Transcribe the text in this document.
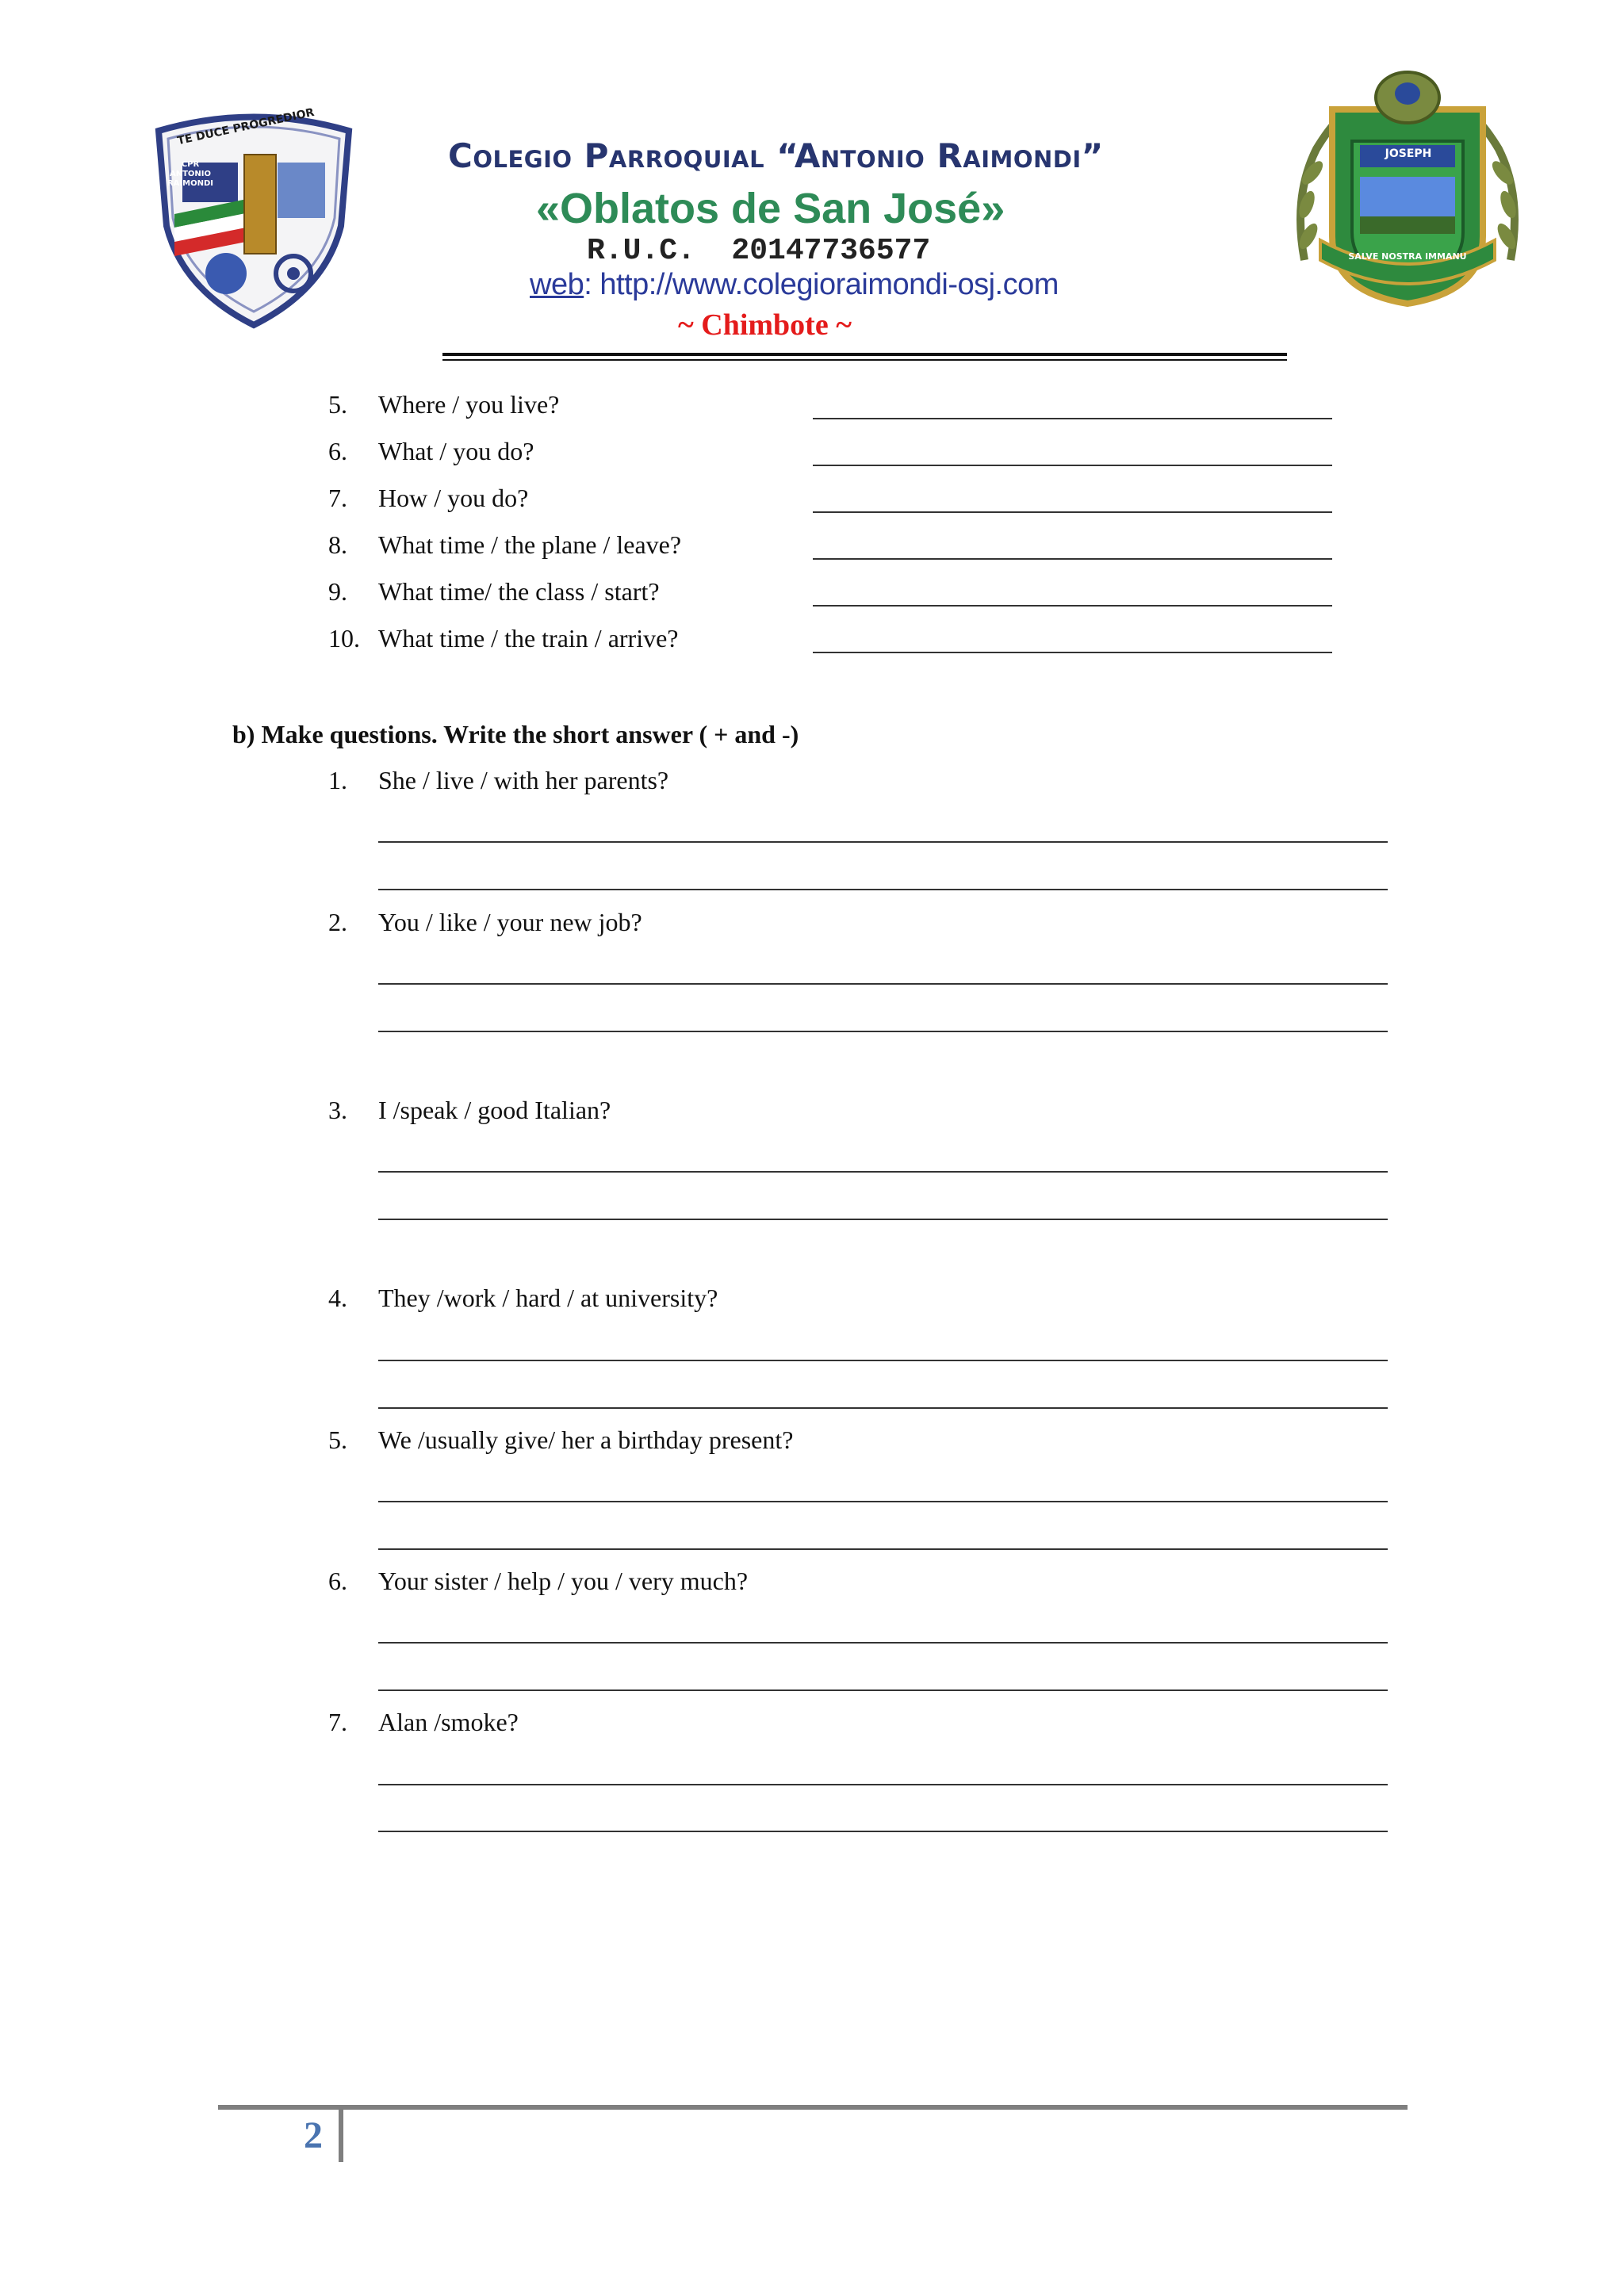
TE DUCE PROGREDIOR
CPR ANTONIO RAIMONDI
Colegio Parroquial “Antonio Raimondi”
«Oblatos de San José»
R.U.C.  20147736577
web: http://www.colegioraimondi-osj.com
~ Chimbote ~
JOSEPH
SALVE NOSTRA IMMANU
5. Where / you live?
6. What / you do?
7. How / you do?
8. What time / the plane / leave?
9. What time/ the class / start?
10. What time / the train / arrive?
b) Make questions. Write the short answer ( + and -)
1. She / live / with her parents?
2. You / like / your new job?
3. I /speak / good Italian?
4. They /work / hard / at university?
5. We /usually give/ her a birthday present?
6. Your sister / help / you / very much?
7. Alan /smoke?
2
